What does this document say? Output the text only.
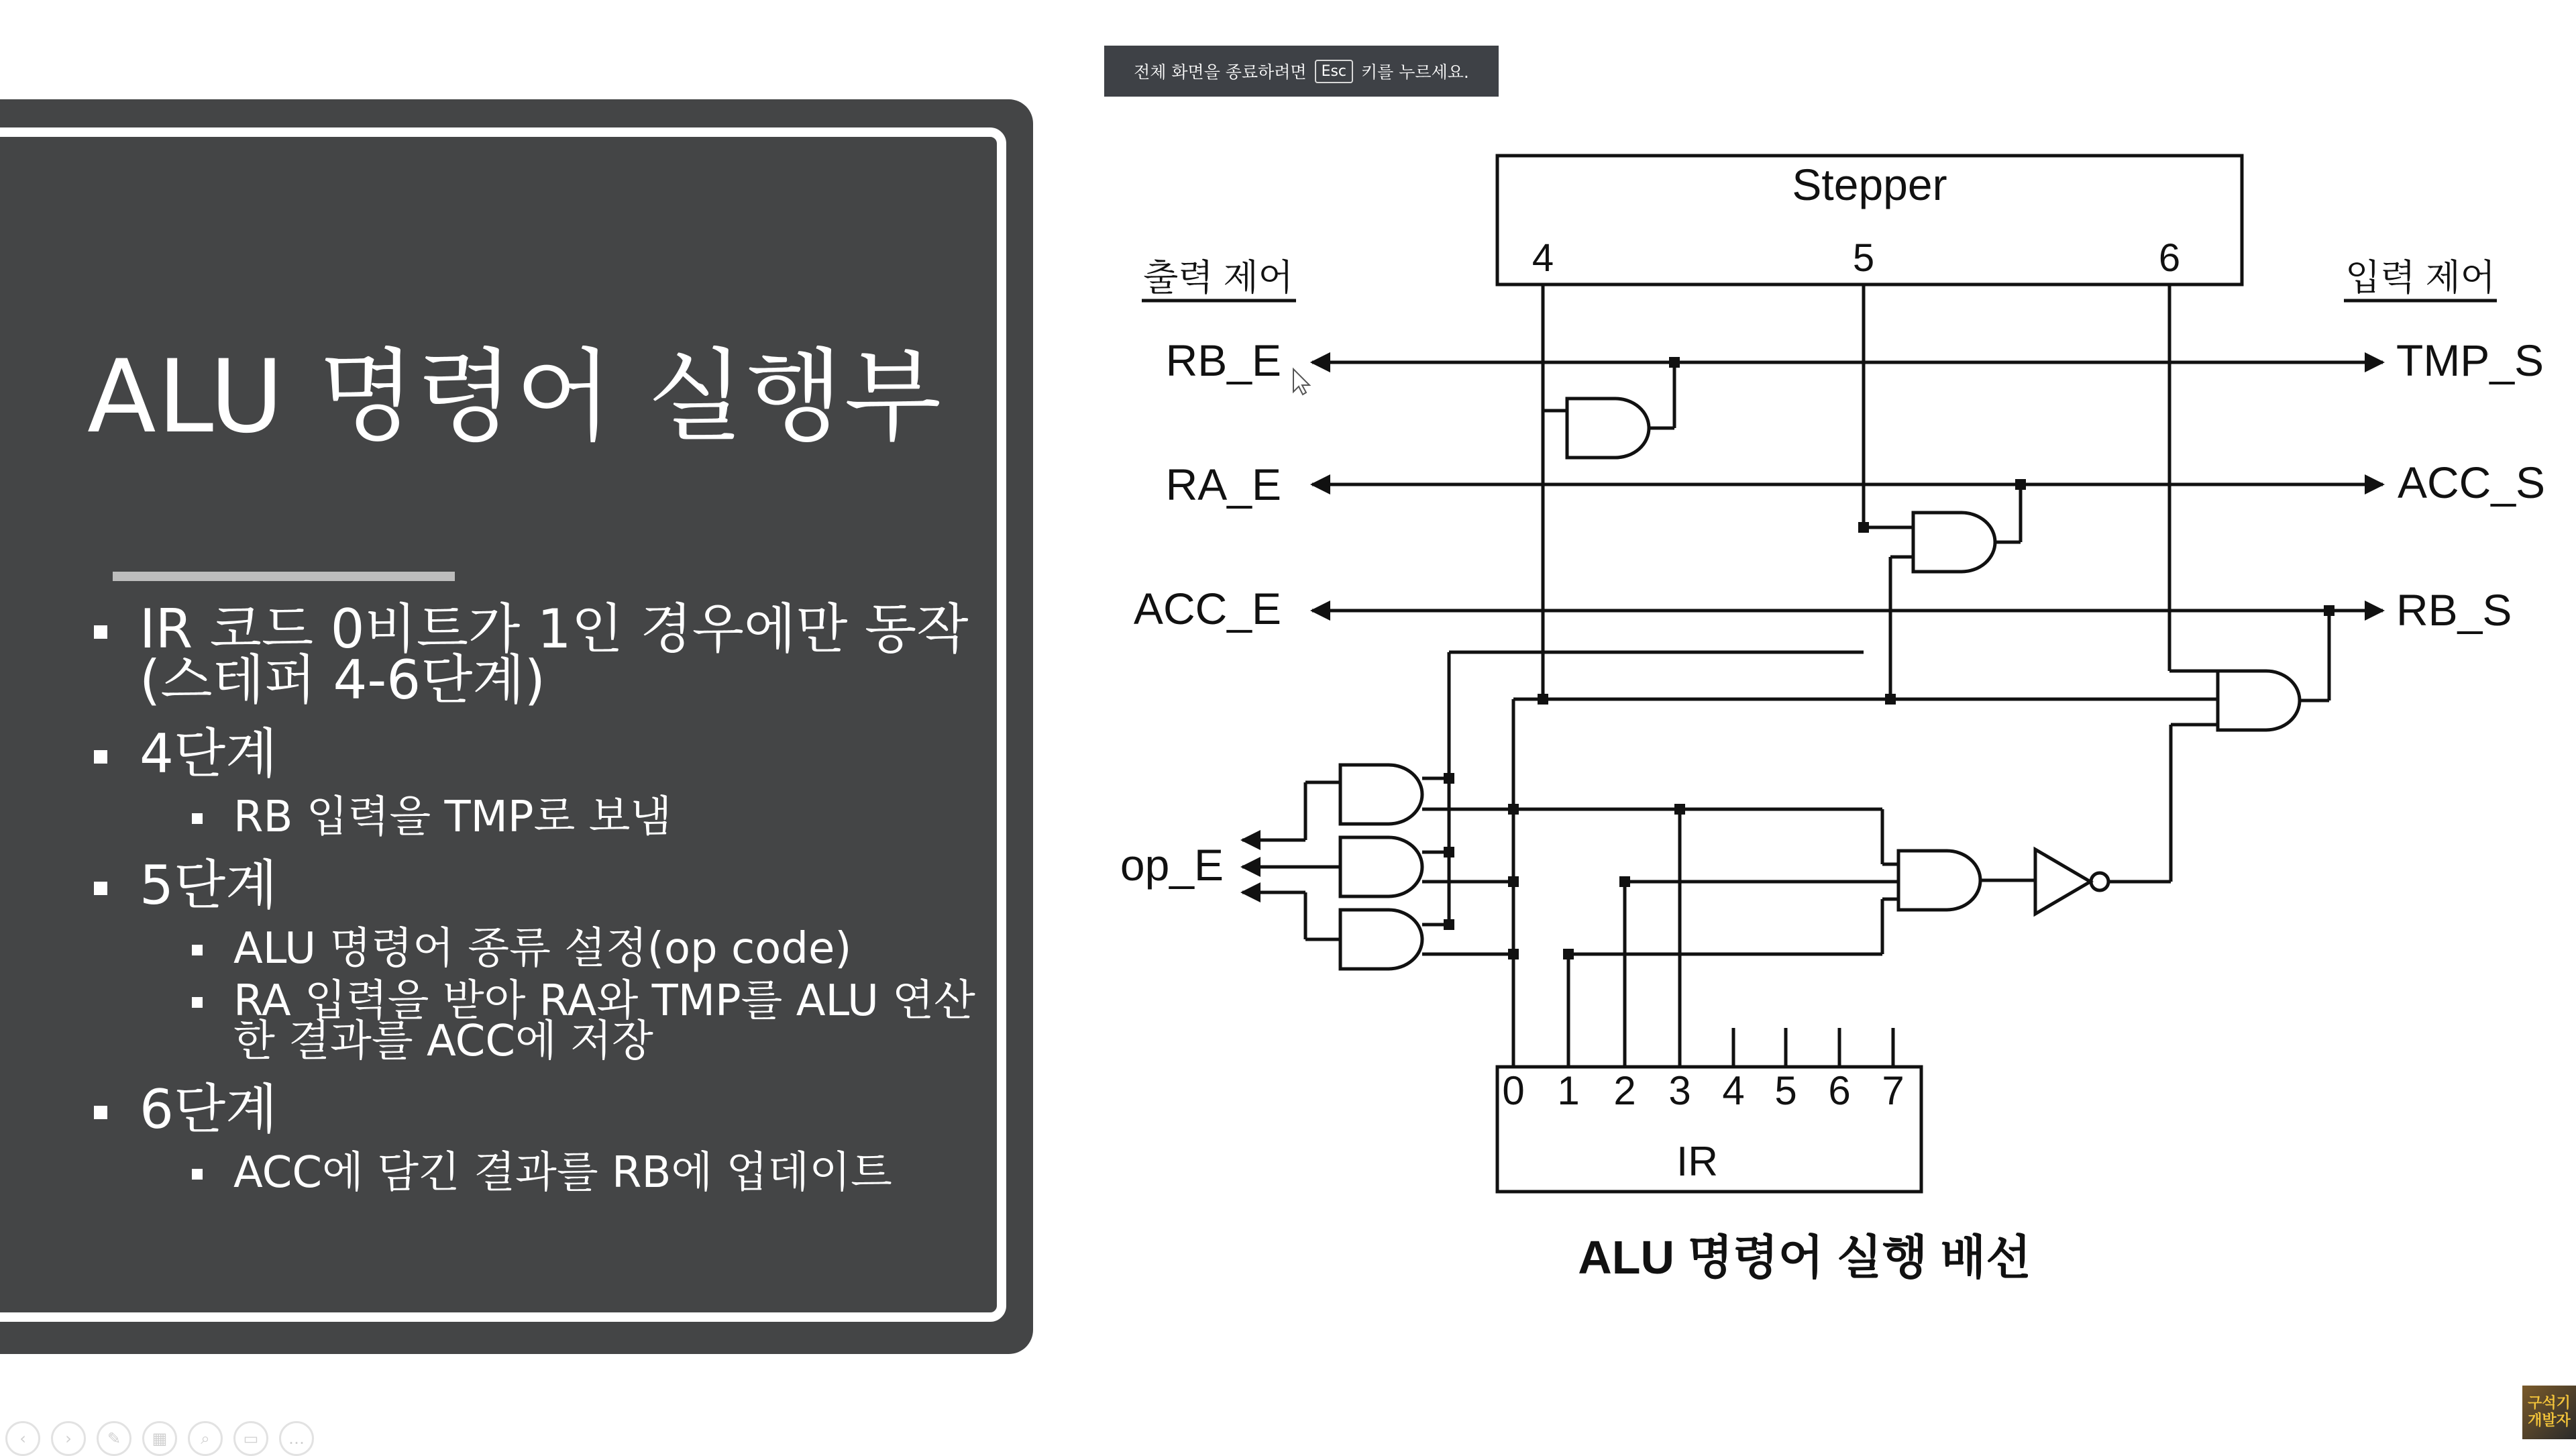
ALU 명령어 실행부
IR 코드 0비트가 1인 경우에만 동작 (스테퍼 4-6단계)
4단계
RB 입력을 TMP로 보냄
5단계
ALU 명령어 종류 설정(op code)
RA 입력을 받아 RA와 TMP를 ALU 연산한 결과를 ACC에 저장
6단계
ACC에 담긴 결과를 RB에 업데이트
전체 화면을 종료하려면	Esc 키를 누르세요.
Stepper
4	5	6
출력 제어	입력 제어
RB_E
RA_E
ACC_E
op_E
TMP_S
ACC_S
RB_S
0 1 2 3 4 5 6 7
IR
ALU 명령어 실행 배선
‹	›	✎	▦	⌕	▭	…
구석기 개발자
